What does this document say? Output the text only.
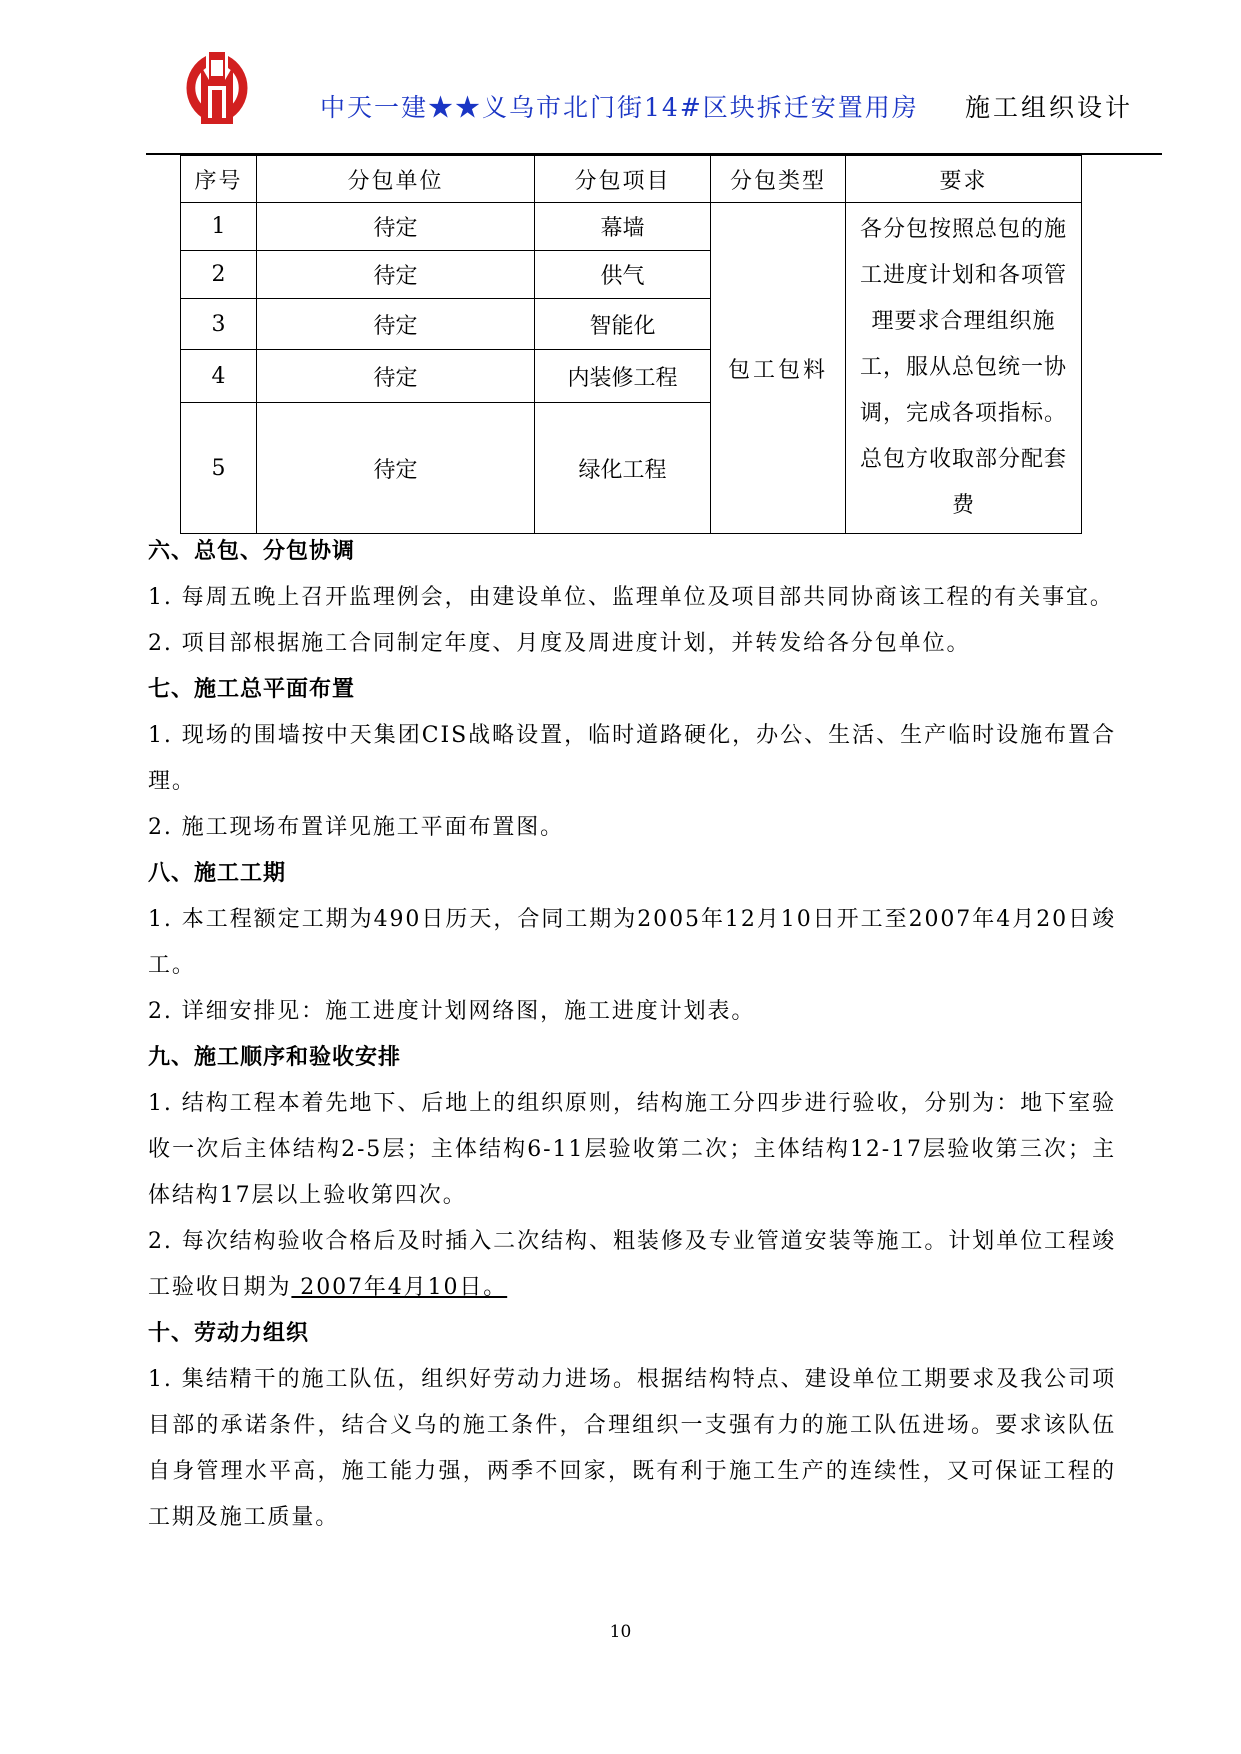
中天一建★★义乌市北门街14#区块拆迁安置用房 施工组织设计
序号	分包单位	分包项目	分包类型	要求
1	待定	幕墙	包工包料	各分包按照总包的施工进度计划和各项管理要求合理组织施工，服从总包统一协调，完成各项指标。总包方收取部分配套费

2	待定	供气		
3	待定	智能化		
4	待定	内装修工程		
5	待定	绿化工程		
六、总包、分包协调

1. 每周五晚上召开监理例会，由建设单位、监理单位及项目部共同协商该工程的有关事宜。

2. 项目部根据施工合同制定年度、月度及周进度计划，并转发给各分包单位。

七、施工总平面布置

1. 现场的围墙按中天集团CIS战略设置，临时道路硬化，办公、生活、生产临时设施布置合理。

2. 施工现场布置详见施工平面布置图。

八、施工工期

1. 本工程额定工期为490日历天，合同工期为2005年12月10日开工至2007年4月20日竣工。

2. 详细安排见：施工进度计划网络图，施工进度计划表。

九、施工顺序和验收安排

1. 结构工程本着先地下、后地上的组织原则，结构施工分四步进行验收，分别为：地下室验收一次后主体结构2-5层；主体结构6-11层验收第二次；主体结构12-17层验收第三次；主体结构17层以上验收第四次。

2. 每次结构验收合格后及时插入二次结构、粗装修及专业管道安装等施工。计划单位工程竣工验收日期为 2007年4月10日。

十、劳动力组织

1. 集结精干的施工队伍，组织好劳动力进场。根据结构特点、建设单位工期要求及我公司项目部的承诺条件，结合义乌的施工条件，合理组织一支强有力的施工队伍进场。要求该队伍自身管理水平高，施工能力强，两季不回家，既有利于施工生产的连续性，又可保证工程的工期及施工质量。

10
